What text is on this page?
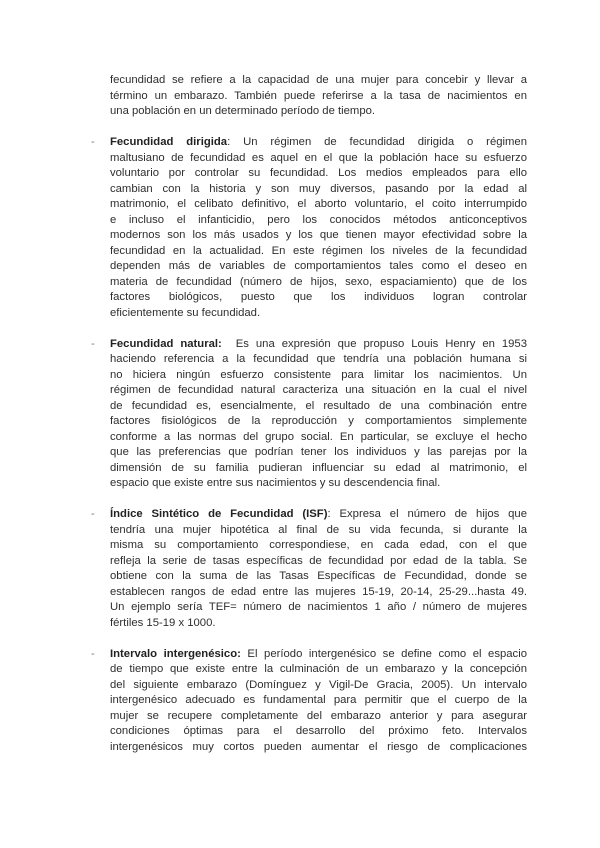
fecundidad se refiere a la capacidad de una mujer para concebir y llevar a
término un embarazo. También puede referirse a la tasa de nacimientos en
una población en un determinado período de tiempo.
- Fecundidad dirigida: Un régimen de fecundidad dirigida o régimen
maltusiano de fecundidad es aquel en el que la población hace su esfuerzo
voluntario por controlar su fecundidad. Los medios empleados para ello
cambian con la historia y son muy diversos, pasando por la edad al
matrimonio, el celibato definitivo, el aborto voluntario, el coito interrumpido
e incluso el infanticidio, pero los conocidos métodos anticonceptivos
modernos son los más usados y los que tienen mayor efectividad sobre la
fecundidad en la actualidad. En este régimen los niveles de la fecundidad
dependen más de variables de comportamientos tales como el deseo en
materia de fecundidad (número de hijos, sexo, espaciamiento) que de los
factores biológicos, puesto que los individuos logran controlar
eficientemente su fecundidad.
- Fecundidad natural:  Es una expresión que propuso Louis Henry en 1953
haciendo referencia a la fecundidad que tendría una población humana si
no hiciera ningún esfuerzo consistente para limitar los nacimientos. Un
régimen de fecundidad natural caracteriza una situación en la cual el nivel
de fecundidad es, esencialmente, el resultado de una combinación entre
factores fisiológicos de la reproducción y comportamientos simplemente
conforme a las normas del grupo social. En particular, se excluye el hecho
que las preferencias que podrían tener los individuos y las parejas por la
dimensión de su familia pudieran influenciar su edad al matrimonio, el
espacio que existe entre sus nacimientos y su descendencia final.
- Índice Sintético de Fecundidad (ISF): Expresa el número de hijos que
tendría una mujer hipotética al final de su vida fecunda, si durante la
misma su comportamiento correspondiese, en cada edad, con el que
refleja la serie de tasas específicas de fecundidad por edad de la tabla. Se
obtiene con la suma de las Tasas Específicas de Fecundidad, donde se
establecen rangos de edad entre las mujeres 15-19, 20-14, 25-29...hasta 49.
Un ejemplo sería TEF= número de nacimientos 1 año / número de mujeres
fértiles 15-19 x 1000.
- Intervalo intergenésico: El período intergenésico se define como el espacio
de tiempo que existe entre la culminación de un embarazo y la concepción
del siguiente embarazo (Domínguez y Vigil-De Gracia, 2005). Un intervalo
intergenésico adecuado es fundamental para permitir que el cuerpo de la
mujer se recupere completamente del embarazo anterior y para asegurar
condiciones óptimas para el desarrollo del próximo feto. Intervalos
intergenésicos muy cortos pueden aumentar el riesgo de complicaciones
